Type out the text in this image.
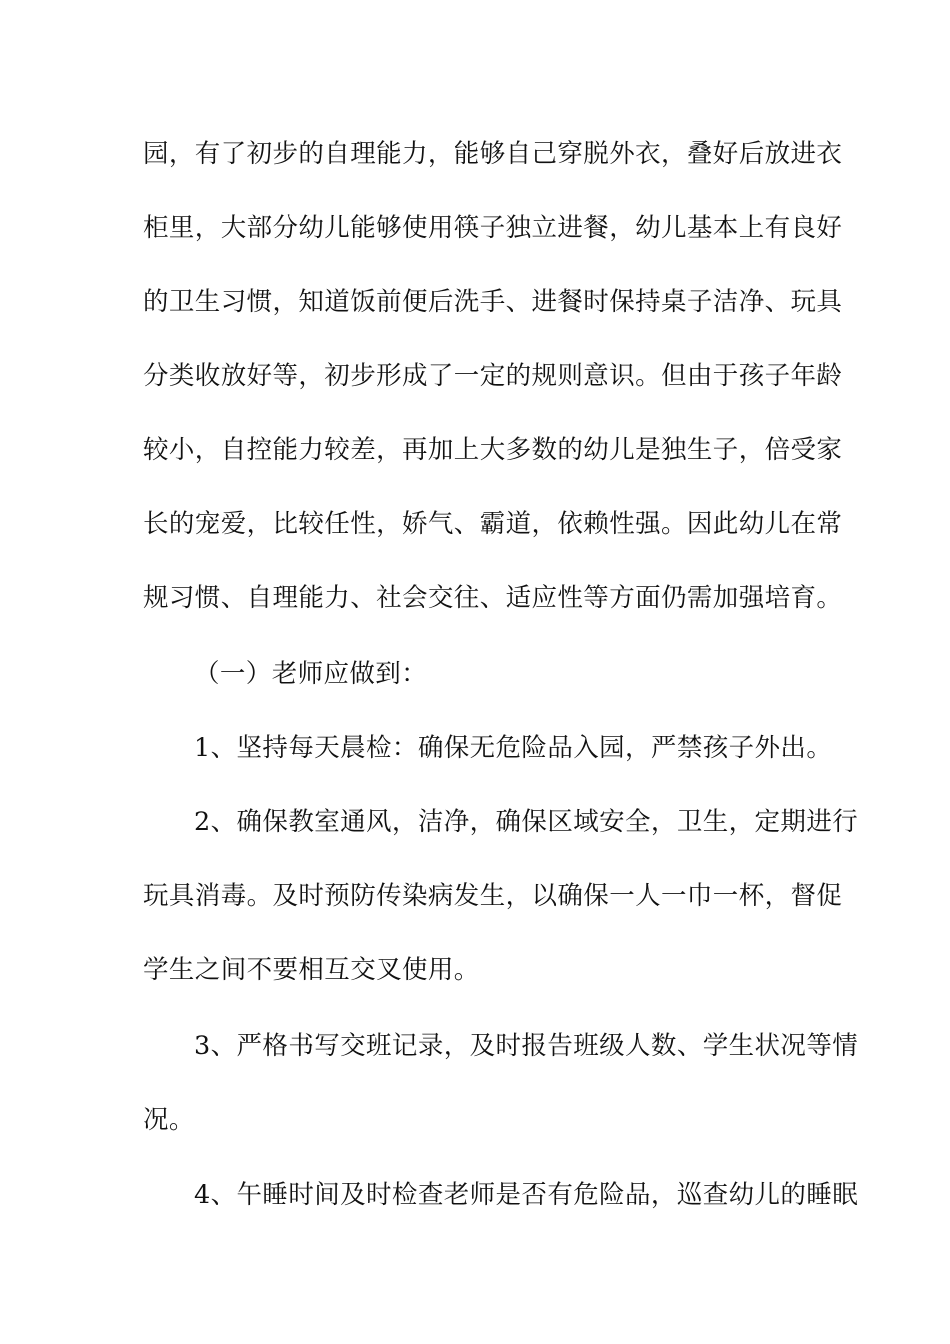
园，有了初步的自理能力，能够自己穿脱外衣，叠好后放进衣
柜里，大部分幼儿能够使用筷子独立进餐，幼儿基本上有良好
的卫生习惯，知道饭前便后洗手、进餐时保持桌子洁净、玩具
分类收放好等，初步形成了一定的规则意识。但由于孩子年龄
较小，自控能力较差，再加上大多数的幼儿是独生子，倍受家
长的宠爱，比较任性，娇气、霸道，依赖性强。因此幼儿在常
规习惯、自理能力、社会交往、适应性等方面仍需加强培育。
（一）老师应做到：
1、坚持每天晨检：确保无危险品入园，严禁孩子外出。
2、确保教室通风，洁净，确保区域安全，卫生，定期进行
玩具消毒。及时预防传染病发生，以确保一人一巾一杯，督促
学生之间不要相互交叉使用。
3、严格书写交班记录，及时报告班级人数、学生状况等情
况。
4、午睡时间及时检查老师是否有危险品，巡查幼儿的睡眠
